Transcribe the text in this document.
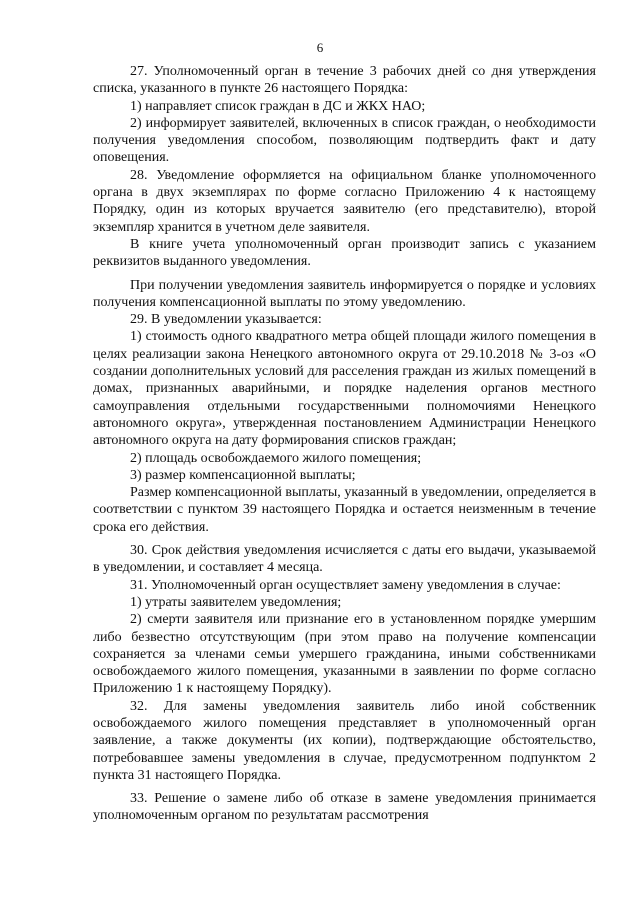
6

27. Уполномоченный орган в течение 3 рабочих дней со дня утверждения списка, указанного в пункте 26 настоящего Порядка:

1) направляет список граждан в ДС и ЖКХ НАО;

2) информирует заявителей, включенных в список граждан, о необходимости получения уведомления способом, позволяющим подтвердить факт и дату оповещения.

28. Уведомление оформляется на официальном бланке уполномоченного органа в двух экземплярах по форме согласно Приложению 4 к настоящему Порядку, один из которых вручается заявителю (его представителю), второй экземпляр хранится в учетном деле заявителя.

В книге учета уполномоченный орган производит запись с указанием реквизитов выданного уведомления.

При получении уведомления заявитель информируется о порядке и условиях получения компенсационной выплаты по этому уведомлению.

29. В уведомлении указывается:

1) стоимость одного квадратного метра общей площади жилого помещения в целях реализации закона Ненецкого автономного округа от 29.10.2018 № 3-оз «О создании дополнительных условий для расселения граждан из жилых помещений в домах, признанных аварийными, и порядке наделения органов местного самоуправления отдельными государственными полномочиями Ненецкого автономного округа», утвержденная постановлением Администрации Ненецкого автономного округа на дату формирования списков граждан;

2) площадь освобождаемого жилого помещения;

3) размер компенсационной выплаты;

Размер компенсационной выплаты, указанный в уведомлении, определяется в соответствии с пунктом 39 настоящего Порядка и остается неизменным в течение срока его действия.

30. Срок действия уведомления исчисляется с даты его выдачи, указываемой в уведомлении, и составляет 4 месяца.

31. Уполномоченный орган осуществляет замену уведомления в случае:

1) утраты заявителем уведомления;

2) смерти заявителя или признание его в установленном порядке умершим либо безвестно отсутствующим (при этом право на получение компенсации сохраняется за членами семьи умершего гражданина, иными собственниками освобождаемого жилого помещения, указанными в заявлении по форме согласно Приложению 1 к настоящему Порядку).

32. Для замены уведомления заявитель либо иной собственник освобождаемого жилого помещения представляет в уполномоченный орган заявление, а также документы (их копии), подтверждающие обстоятельство, потребовавшее замены уведомления в случае, предусмотренном подпунктом 2 пункта 31 настоящего Порядка.

33. Решение о замене либо об отказе в замене уведомления принимается уполномоченным органом по результатам рассмотрения
